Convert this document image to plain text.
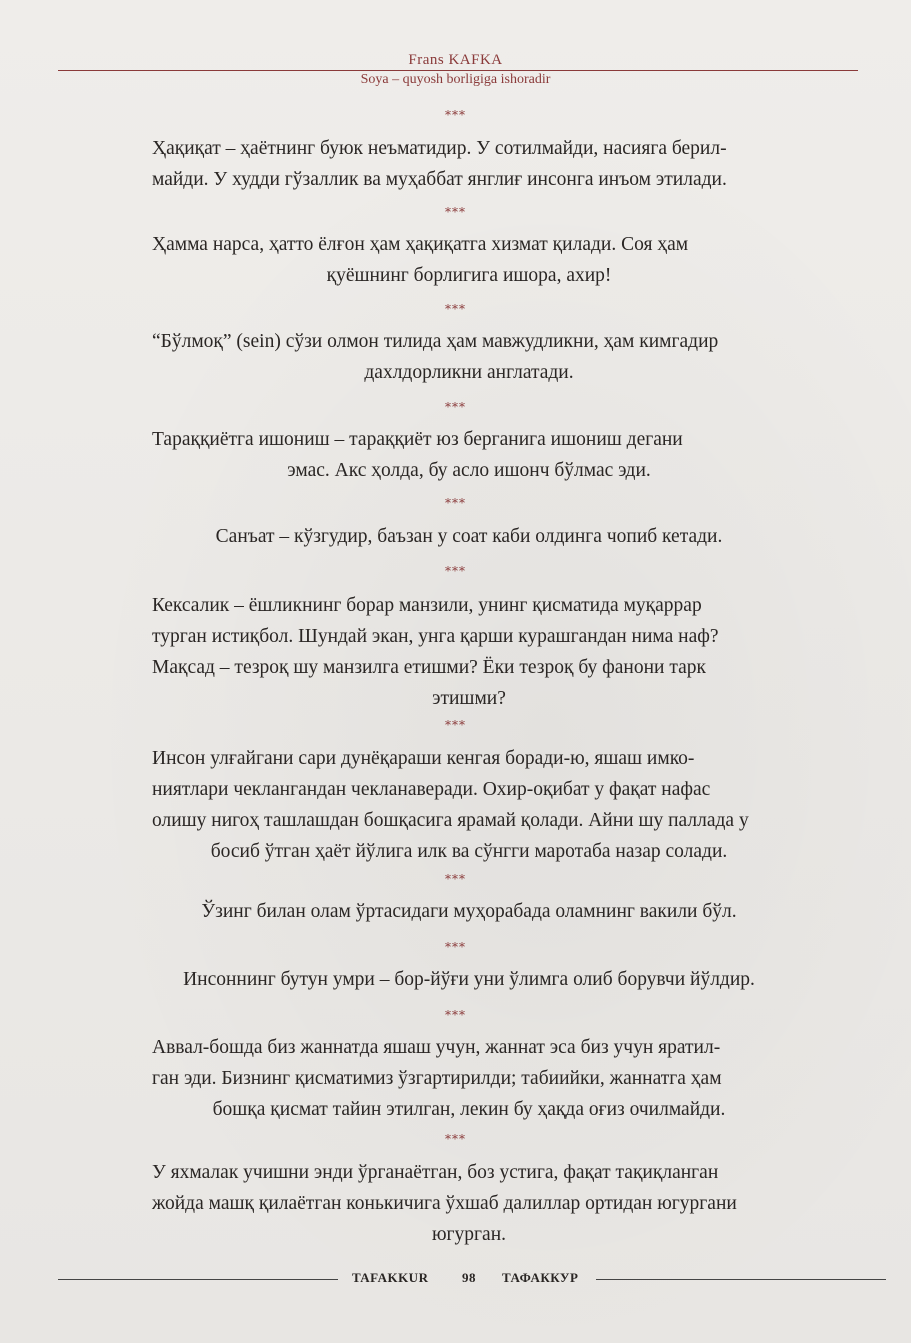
Frans KAFKA
Soya – quyosh borligiga ishoradir
***
Ҳақиқат – ҳаётнинг буюк неъматидир. У сотилмайди, насияга берил-
майди. У худди гўзаллик ва муҳаббат янглиғ инсонга инъом этилади.
***
Ҳамма нарса, ҳатто ёлғон ҳам ҳақиқатга хизмат қилади. Соя ҳам
қуёшнинг борлигига ишора, ахир!
***
“Бўлмоқ” (sein) сўзи олмон тилида ҳам мавжудликни, ҳам кимгадир
дахлдорликни англатади.
***
Тараққиётга ишониш – тараққиёт юз берганига ишониш дегани
эмас. Акс ҳолда, бу асло ишонч бўлмас эди.
***
Санъат – кўзгудир, баъзан у соат каби олдинга чопиб кетади.
***
Кексалик – ёшликнинг борар манзили, унинг қисматида муқаррар
турган истиқбол. Шундай экан, унга қарши курашгандан нима наф?
Мақсад – тезроқ шу манзилга етишми? Ёки тезроқ бу фанони тарк
этишми?
***
Инсон улғайгани сари дунёқараши кенгая боради-ю, яшаш имко-
ниятлари чеклангандан чекланаверади. Охир-оқибат у фақат нафас
олишу нигоҳ ташлашдан бошқасига ярамай қолади. Айни шу паллада у
босиб ўтган ҳаёт йўлига илк ва сўнгги маротаба назар солади.
***
Ўзинг билан олам ўртасидаги муҳорабада оламнинг вакили бўл.
***
Инсоннинг бутун умри – бор-йўғи уни ўлимга олиб борувчи йўлдир.
***
Аввал-бошда биз жаннатда яшаш учун, жаннат эса биз учун яратил-
ган эди. Бизнинг қисматимиз ўзгартирилди; табиийки, жаннатга ҳам
бошқа қисмат тайин этилган, лекин бу ҳақда оғиз очилмайди.
***
У яхмалак учишни энди ўрганаётган, боз устига, фақат тақиқланган
жойда машқ қилаётган конькичига ўхшаб далиллар ортидан югургани
югурган.
TAFAKKUR	98 ТАФАККУР
